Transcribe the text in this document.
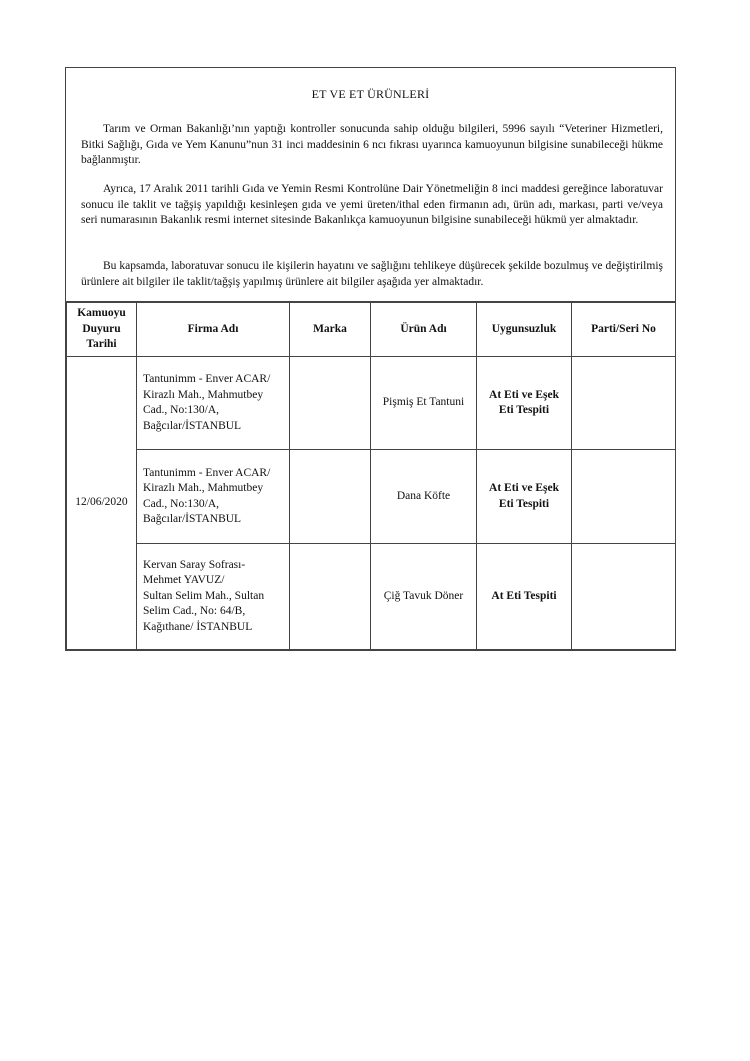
ET VE ET ÜRÜNLERİ
Tarım ve Orman Bakanlığı’nın yaptığı kontroller sonucunda sahip olduğu bilgileri, 5996 sayılı “Veteriner Hizmetleri, Bitki Sağlığı, Gıda ve Yem Kanunu”nun 31 inci maddesinin 6 ncı fıkrası uyarınca kamuoyunun bilgisine sunabileceği hükme bağlanmıştır.
Ayrıca, 17 Aralık 2011 tarihli Gıda ve Yemin Resmi Kontrolüne Dair Yönetmeliğin 8 inci maddesi gereğince laboratuvar sonucu ile taklit ve tağşiş yapıldığı kesinleşen gıda ve yemi üreten/ithal eden firmanın adı, ürün adı, markası, parti ve/veya seri numarasının Bakanlık resmi internet sitesinde Bakanlıkça kamuoyunun bilgisine sunabileceği hükmü yer almaktadır.
Bu kapsamda, laboratuvar sonucu ile kişilerin hayatını ve sağlığını tehlikeye düşürecek şekilde bozulmuş ve değiştirilmiş ürünlere ait bilgiler ile taklit/tağşiş yapılmış ürünlere ait bilgiler aşağıda yer almaktadır.
Kamuoyu
Duyuru
Tarihi	Firma Adı	Marka	Ürün Adı	Uygunsuzluk	Parti/Seri No
12/06/2020	Tantunimm - Enver ACAR/
Kirazlı Mah., Mahmutbey
Cad., No:130/A,
Bağcılar/İSTANBUL		Pişmiş Et Tantuni	At Eti ve Eşek
Eti Tespiti	

	Tantunimm - Enver ACAR/
Kirazlı Mah., Mahmutbey
Cad., No:130/A,
Bağcılar/İSTANBUL		Dana Köfte	At Eti ve Eşek
Eti Tespiti	

	Kervan Saray Sofrası-
Mehmet YAVUZ/
Sultan Selim Mah., Sultan
Selim Cad., No: 64/B,
Kağıthane/ İSTANBUL		Çiğ Tavuk Döner	At Eti Tespiti	
